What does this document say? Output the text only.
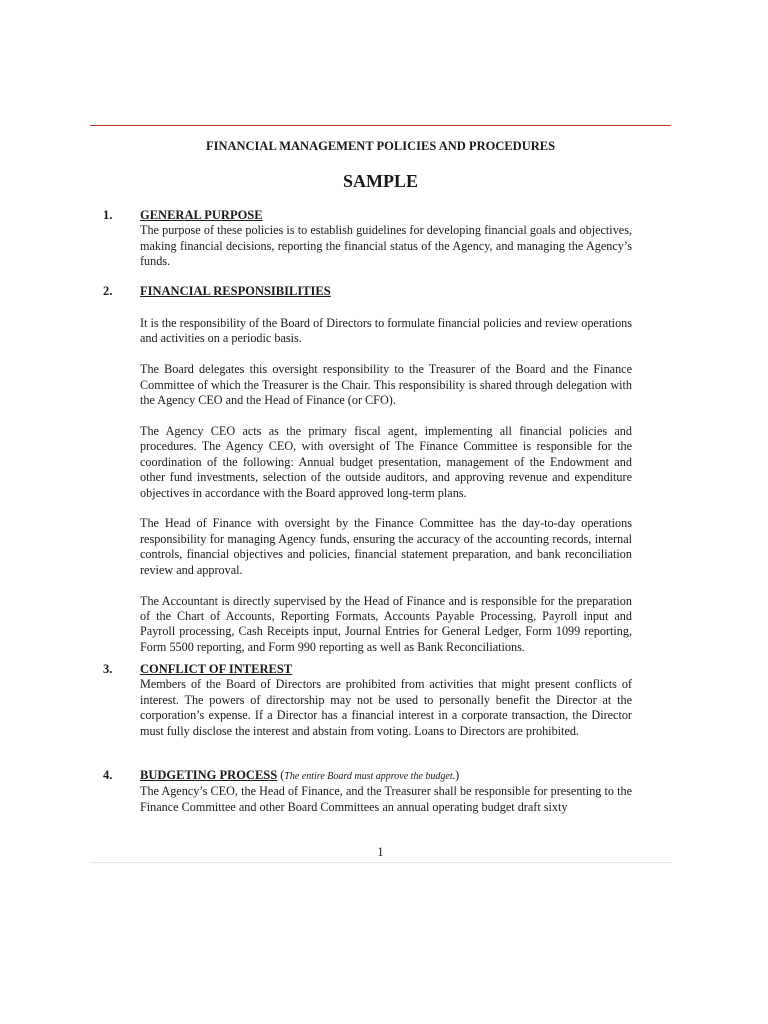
FINANCIAL MANAGEMENT POLICIES AND PROCEDURES
SAMPLE
1. GENERAL PURPOSE

The purpose of these policies is to establish guidelines for developing financial goals and objectives, making financial decisions, reporting the financial status of the Agency, and managing the Agency’s funds.

2. FINANCIAL RESPONSIBILITIES

It is the responsibility of the Board of Directors to formulate financial policies and review operations and activities on a periodic basis.

The Board delegates this oversight responsibility to the Treasurer of the Board and the Finance Committee of which the Treasurer is the Chair. This responsibility is shared through delegation with the Agency CEO and the Head of Finance (or CFO).

The Agency CEO acts as the primary fiscal agent, implementing all financial policies and procedures. The Agency CEO, with oversight of The Finance Committee is responsible for the coordination of the following: Annual budget presentation, management of the Endowment and other fund investments, selection of the outside auditors, and approving revenue and expenditure objectives in accordance with the Board approved long-term plans.

The Head of Finance with oversight by the Finance Committee has the day-to-day operations responsibility for managing Agency funds, ensuring the accuracy of the accounting records, internal controls, financial objectives and policies, financial statement preparation, and bank reconciliation review and approval.

The Accountant is directly supervised by the Head of Finance and is responsible for the preparation of the Chart of Accounts, Reporting Formats, Accounts Payable Processing, Payroll input and Payroll processing, Cash Receipts input, Journal Entries for General Ledger, Form 1099 reporting, Form 5500 reporting, and Form 990 reporting as well as Bank Reconciliations.

3. CONFLICT OF INTEREST

Members of the Board of Directors are prohibited from activities that might present conflicts of interest. The powers of directorship may not be used to personally benefit the Director at the corporation’s expense. If a Director has a financial interest in a corporate transaction, the Director must fully disclose the interest and abstain from voting. Loans to Directors are prohibited.

4. BUDGETING PROCESS (The entire Board must approve the budget.)

The Agency’s CEO, the Head of Finance, and the Treasurer shall be responsible for presenting to the Finance Committee and other Board Committees an annual operating budget draft sixty

1
